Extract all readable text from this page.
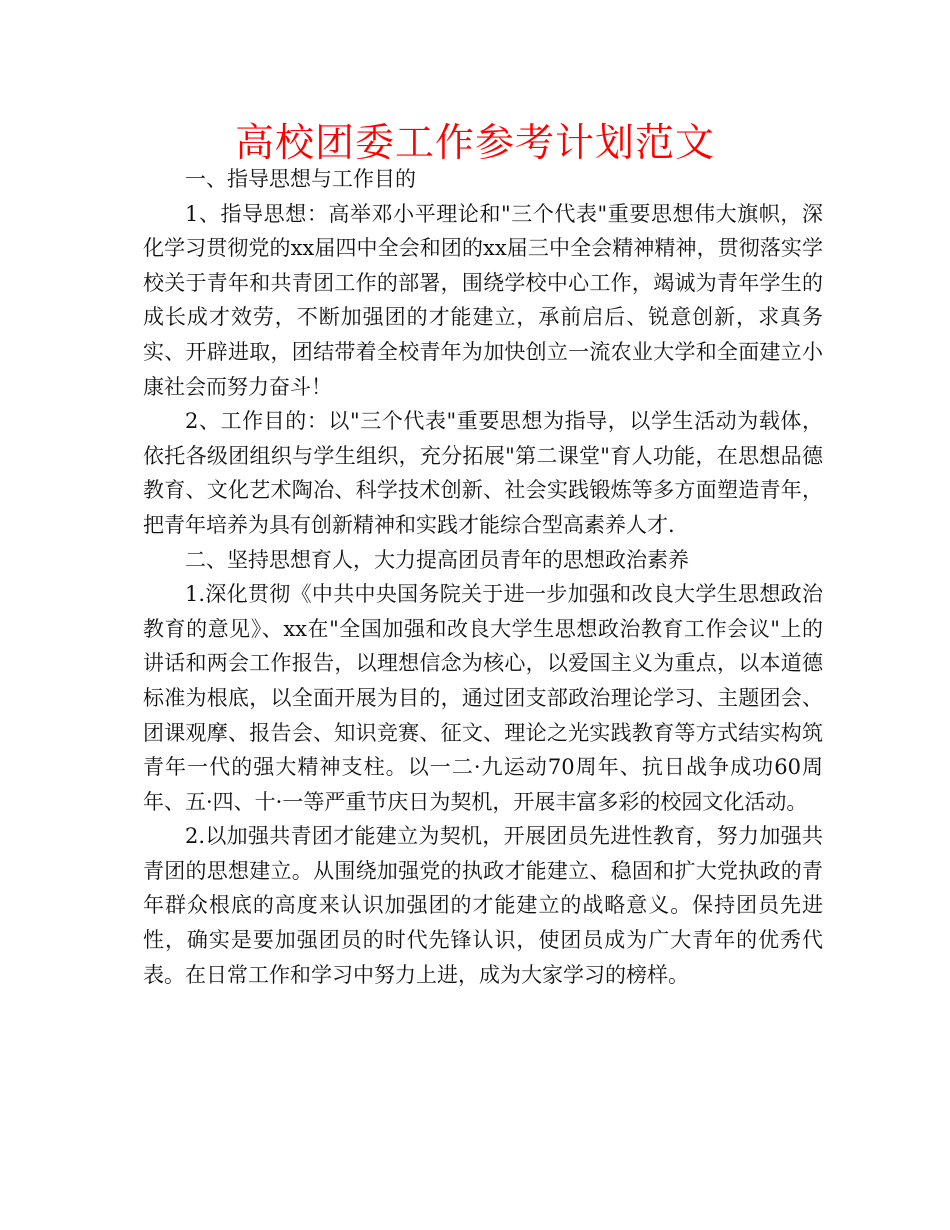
高校团委工作参考计划范文

一、指导思想与工作目的

1、指导思想：高举邓小平理论和"三个代表"重要思想伟大旗帜，深化学习贯彻党的xx届四中全会和团的xx届三中全会精神精神，贯彻落实学校关于青年和共青团工作的部署，围绕学校中心工作，竭诚为青年学生的成长成才效劳，不断加强团的才能建立，承前启后、锐意创新，求真务实、开辟进取，团结带着全校青年为加快创立一流农业大学和全面建立小康社会而努力奋斗！

2、工作目的：以"三个代表"重要思想为指导，以学生活动为载体，依托各级团组织与学生组织，充分拓展"第二课堂"育人功能，在思想品德教育、文化艺术陶冶、科学技术创新、社会实践锻炼等多方面塑造青年，把青年培养为具有创新精神和实践才能综合型高素养人才.

二、坚持思想育人，大力提高团员青年的思想政治素养

1.深化贯彻《中共中央国务院关于进一步加强和改良大学生思想政治教育的意见》、xx在"全国加强和改良大学生思想政治教育工作会议"上的讲话和两会工作报告，以理想信念为核心，以爱国主义为重点，以本道德标准为根底，以全面开展为目的，通过团支部政治理论学习、主题团会、团课观摩、报告会、知识竞赛、征文、理论之光实践教育等方式结实构筑青年一代的强大精神支柱。以一二·九运动70周年、抗日战争成功60周年、五·四、十·一等严重节庆日为契机，开展丰富多彩的校园文化活动。

2.以加强共青团才能建立为契机，开展团员先进性教育，努力加强共青团的思想建立。从围绕加强党的执政才能建立、稳固和扩大党执政的青年群众根底的高度来认识加强团的才能建立的战略意义。保持团员先进性，确实是要加强团员的时代先锋认识，使团员成为广大青年的优秀代表。在日常工作和学习中努力上进，成为大家学习的榜样。
